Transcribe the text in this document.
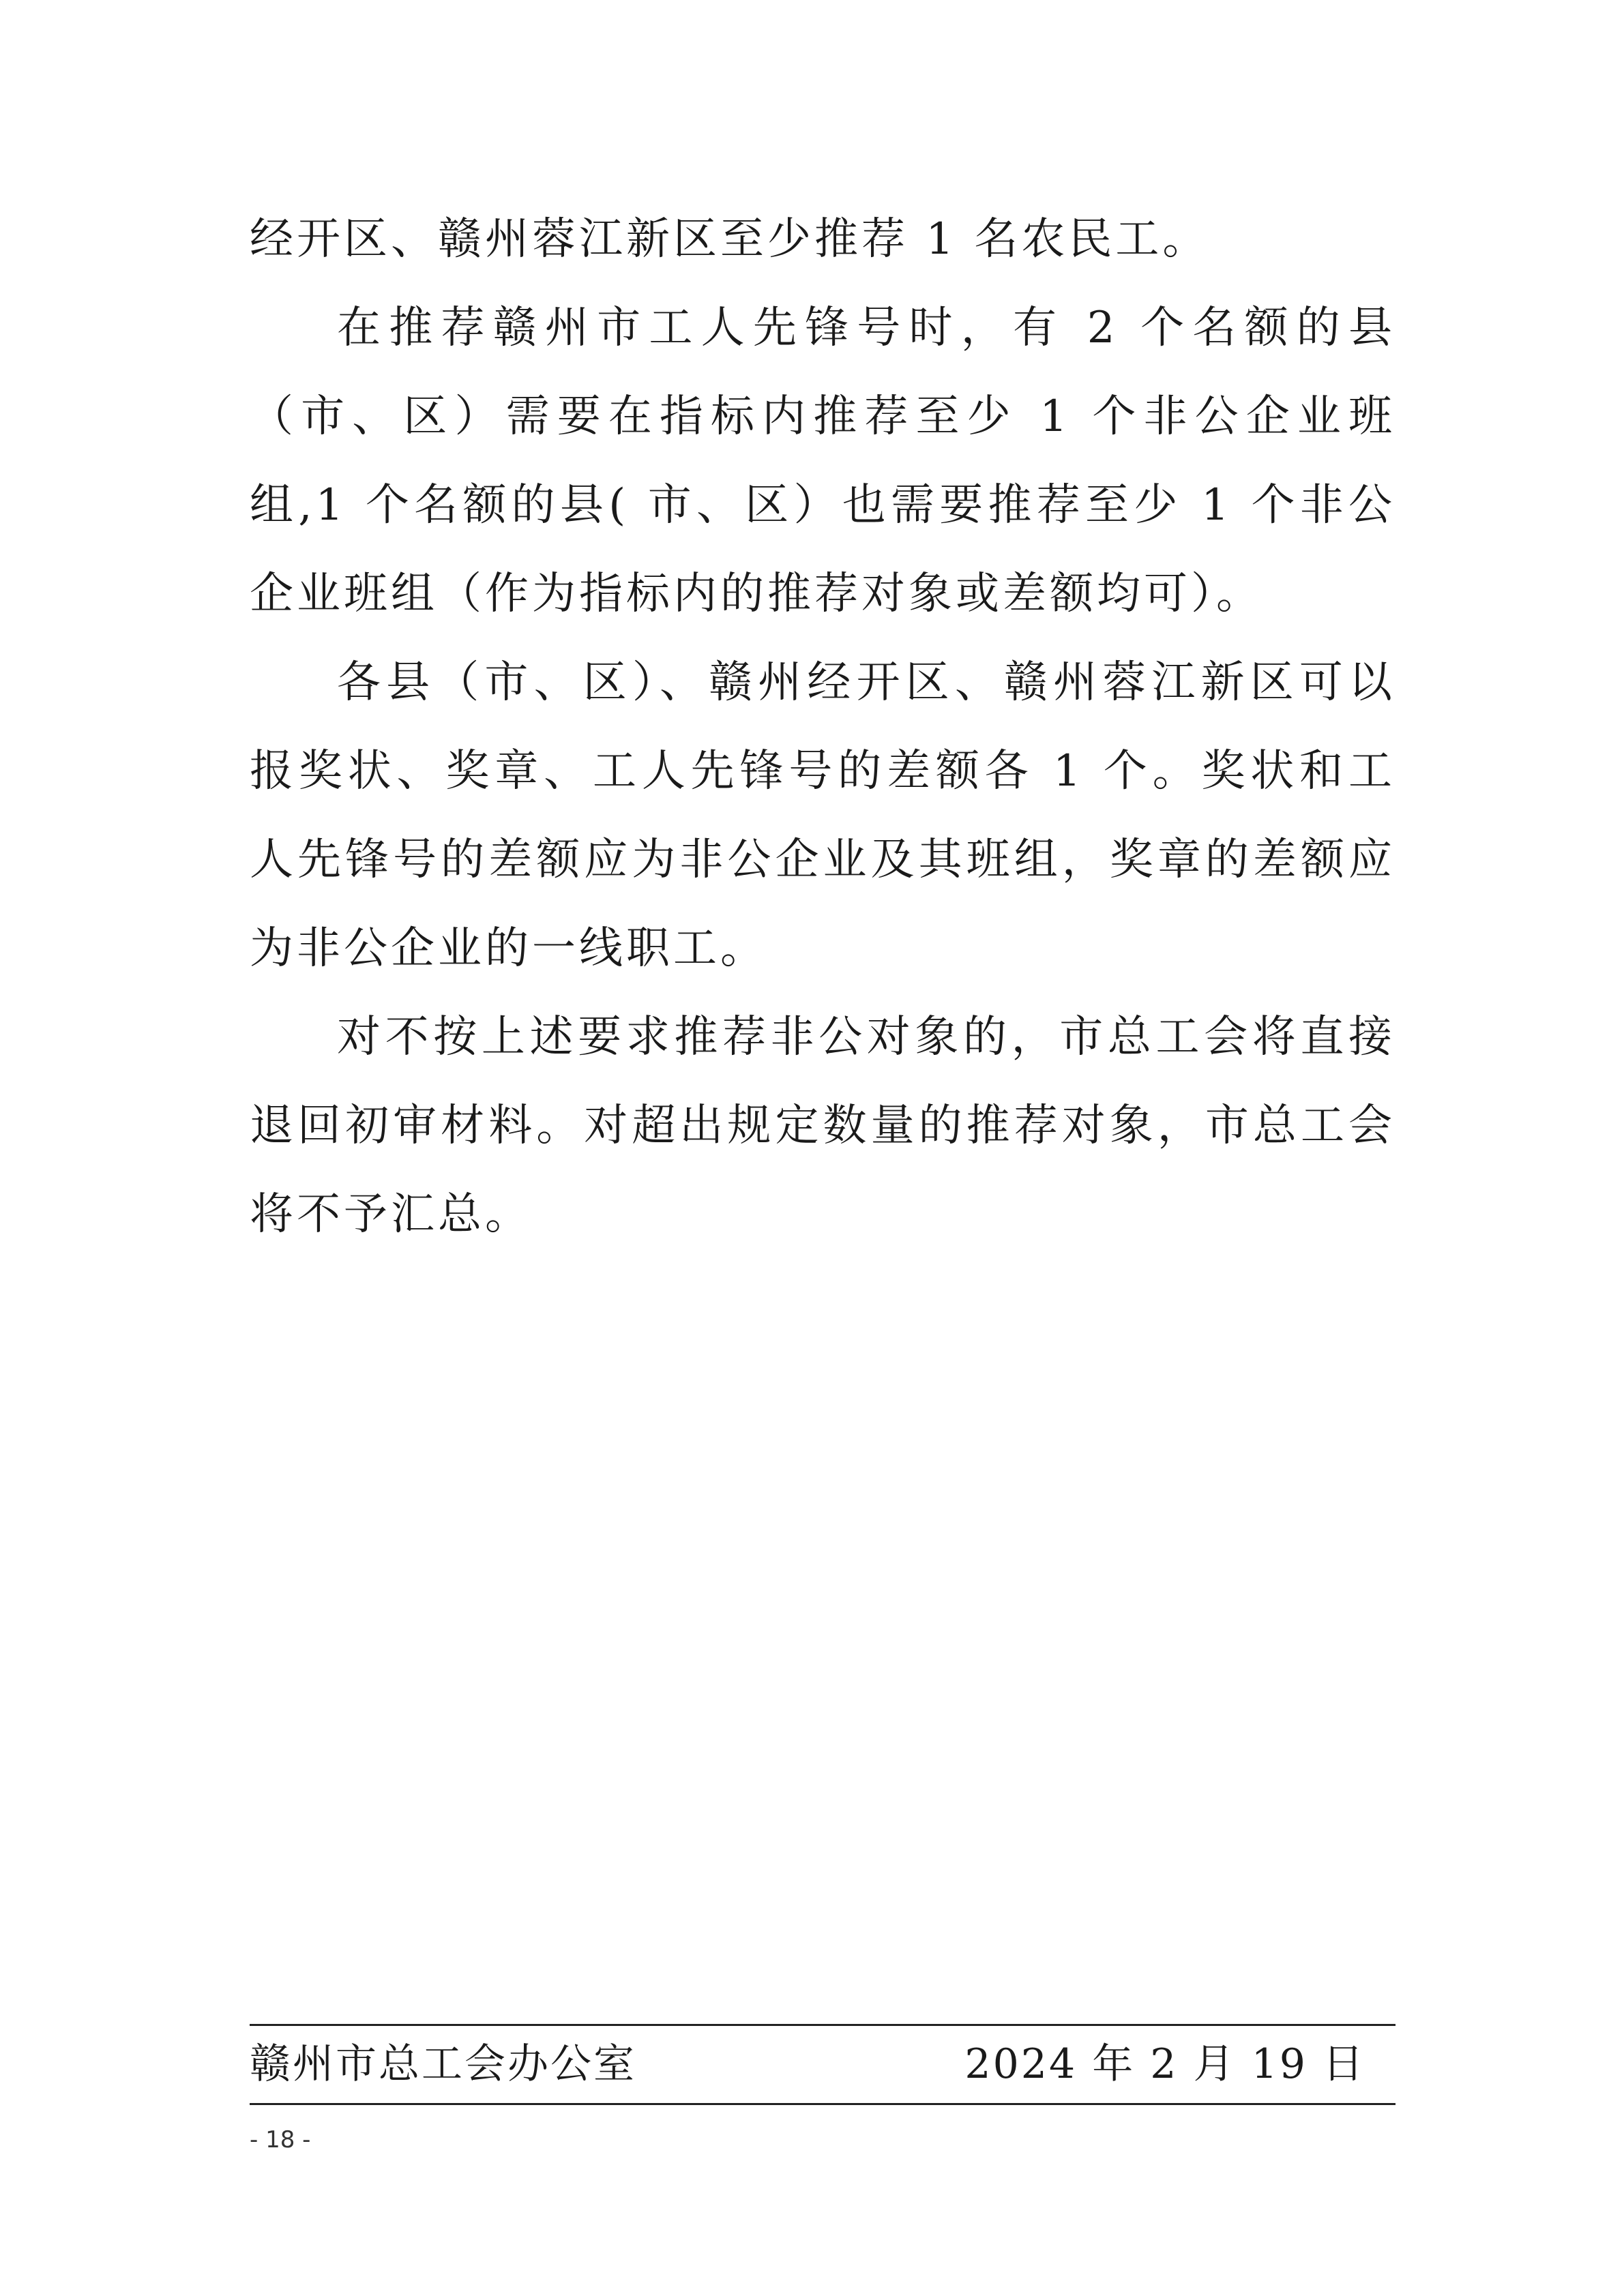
经开区、赣州蓉江新区至少推荐 1 名农民工。

在推荐赣州市工人先锋号时，有 2 个名额的县（市、区）需要在指标内推荐至少 1 个非公企业班组,1 个名额的县( 市、区）也需要推荐至少 1 个非公企业班组（作为指标内的推荐对象或差额均可）。

各县（市、区）、赣州经开区、赣州蓉江新区可以报奖状、奖章、工人先锋号的差额各 1 个。奖状和工人先锋号的差额应为非公企业及其班组，奖章的差额应为非公企业的一线职工。

对不按上述要求推荐非公对象的，市总工会将直接退回初审材料。对超出规定数量的推荐对象，市总工会将不予汇总。

赣州市总工会办公室	2024 年 2 月 19 日
- 18 -
